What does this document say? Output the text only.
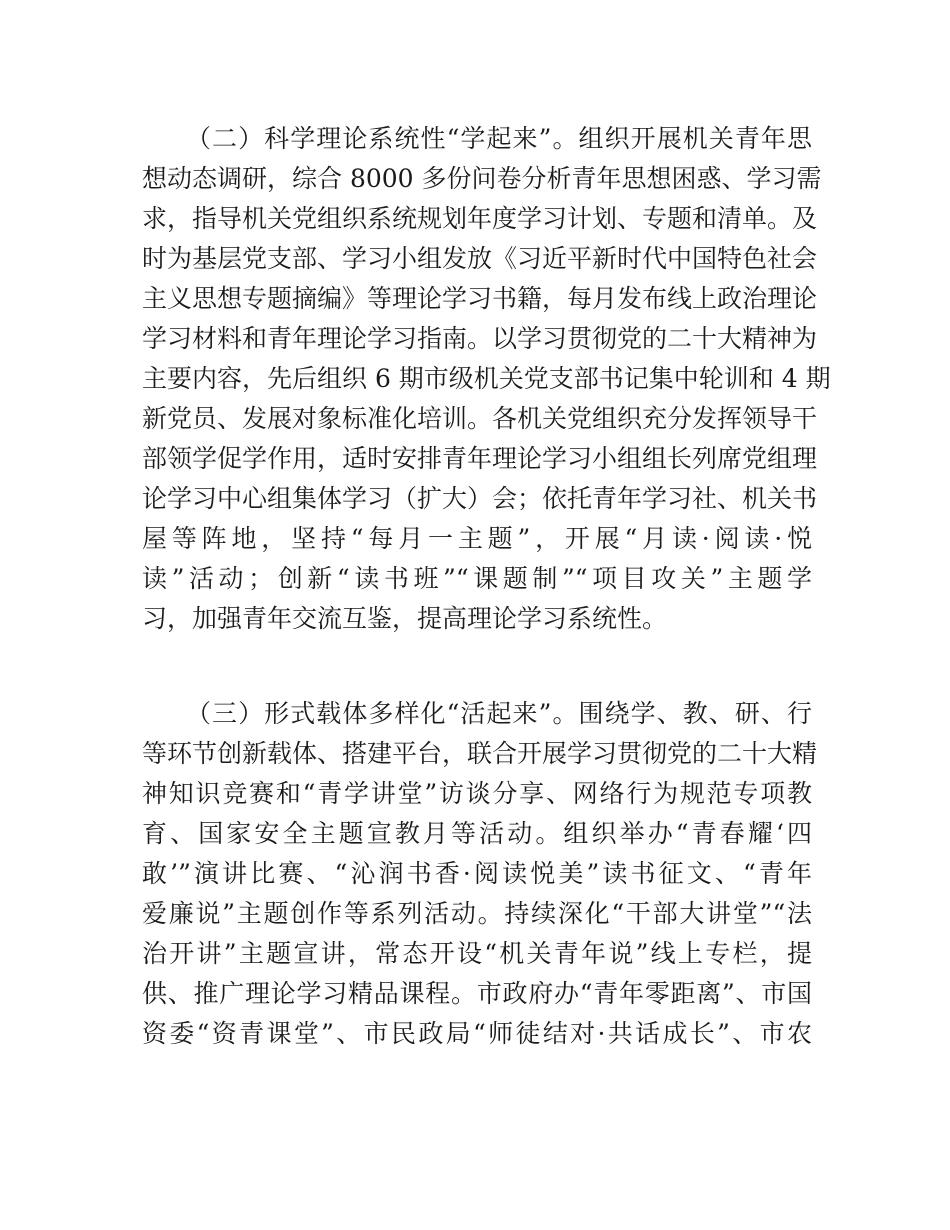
（二）科学理论系统性“学起来”。组织开展机关青年思
想动态调研，综合 8000 多份问卷分析青年思想困惑、学习需
求，指导机关党组织系统规划年度学习计划、专题和清单。及
时为基层党支部、学习小组发放《习近平新时代中国特色社会
主义思想专题摘编》等理论学习书籍，每月发布线上政治理论
学习材料和青年理论学习指南。以学习贯彻党的二十大精神为
主要内容，先后组织 6 期市级机关党支部书记集中轮训和 4 期
新党员、发展对象标准化培训。各机关党组织充分发挥领导干
部领学促学作用，适时安排青年理论学习小组组长列席党组理
论学习中心组集体学习（扩大）会；依托青年学习社、机关书
屋等阵地，坚持“每月一主题”，开展“月读·阅读·悦
读”活动；创新“读书班”“课题制”“项目攻关”主题学
习，加强青年交流互鉴，提高理论学习系统性。
（三）形式载体多样化“活起来”。围绕学、教、研、行
等环节创新载体、搭建平台，联合开展学习贯彻党的二十大精
神知识竞赛和“青学讲堂”访谈分享、网络行为规范专项教
育、国家安全主题宣教月等活动。组织举办“青春耀‘四
敢’”演讲比赛、“沁润书香·阅读悦美”读书征文、“青年
爱廉说”主题创作等系列活动。持续深化“干部大讲堂”“法
治开讲”主题宣讲，常态开设“机关青年说”线上专栏，提
供、推广理论学习精品课程。市政府办“青年零距离”、市国
资委“资青课堂”、市民政局“师徒结对·共话成长”、市农
